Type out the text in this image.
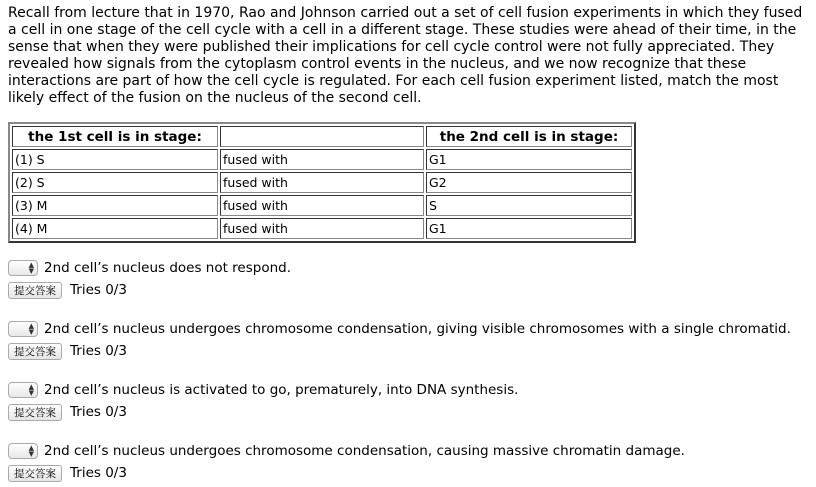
Recall from lecture that in 1970, Rao and Johnson carried out a set of cell fusion experiments in which they fused a cell in one stage of the cell cycle with a cell in a different stage. These studies were ahead of their time, in the sense that when they were published their implications for cell cycle control were not fully appreciated. They revealed how signals from the cytoplasm control events in the nucleus, and we now recognize that these interactions are part of how the cell cycle is regulated. For each cell fusion experiment listed, match the most likely effect of the fusion on the nucleus of the second cell.

the 1st cell is in stage:		the 2nd cell is in stage:
(1) S	fused with	G1
(2) S	fused with	G2
(3) M	fused with	S
(4) M	fused with	G1
▲
▼ 2nd cell’s nucleus does not respond.
提交答案	Tries 0/3
▲
▼ 2nd cell’s nucleus undergoes chromosome condensation, giving visible chromosomes with a single chromatid.
提交答案	Tries 0/3
▲
▼ 2nd cell’s nucleus is activated to go, prematurely, into DNA synthesis.
提交答案	Tries 0/3
▲
▼ 2nd cell’s nucleus undergoes chromosome condensation, causing massive chromatin damage.
提交答案	Tries 0/3
